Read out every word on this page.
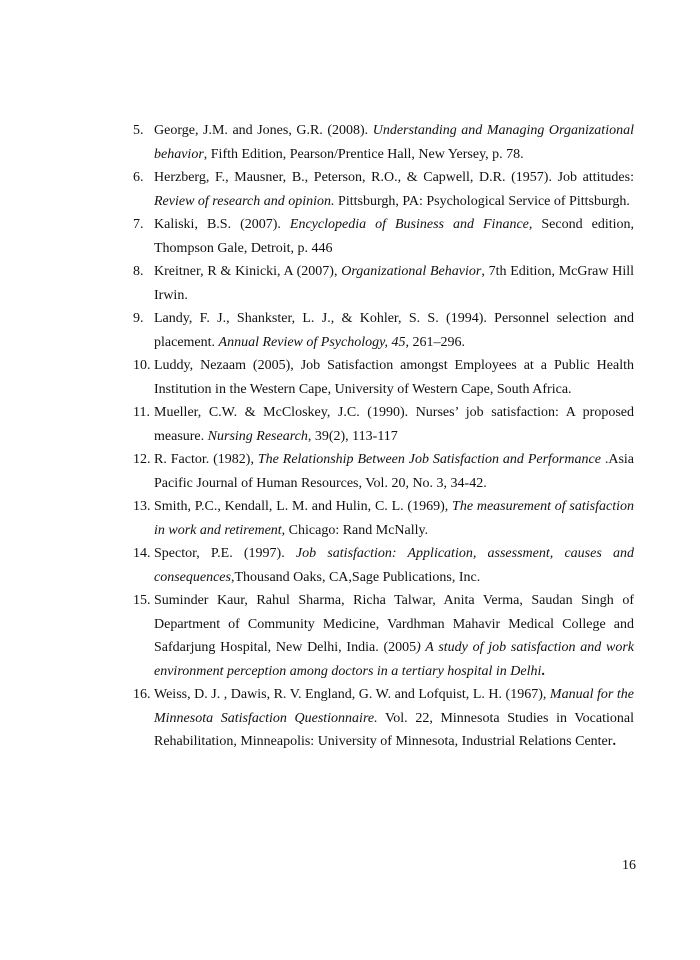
5. George, J.M. and Jones, G.R. (2008). Understanding and Managing Organizational behavior, Fifth Edition, Pearson/Prentice Hall, New Yersey, p. 78.
6. Herzberg, F., Mausner, B., Peterson, R.O., & Capwell, D.R. (1957). Job attitudes: Review of research and opinion. Pittsburgh, PA: Psychological Service of Pittsburgh.
7. Kaliski, B.S. (2007). Encyclopedia of Business and Finance, Second edition, Thompson Gale, Detroit, p. 446
8. Kreitner, R & Kinicki, A (2007), Organizational Behavior, 7th Edition, McGraw Hill Irwin.
9. Landy, F. J., Shankster, L. J., & Kohler, S. S. (1994). Personnel selection and placement. Annual Review of Psychology, 45, 261–296.
10. Luddy, Nezaam (2005), Job Satisfaction amongst Employees at a Public Health Institution in the Western Cape, University of Western Cape, South Africa.
11. Mueller, C.W. & McCloskey, J.C. (1990). Nurses’ job satisfaction: A proposed measure. Nursing Research, 39(2), 113-117
12. R. Factor. (1982), The Relationship Between Job Satisfaction and Performance .Asia Pacific Journal of Human Resources, Vol. 20, No. 3, 34-42.
13. Smith, P.C., Kendall, L. M. and Hulin, C. L. (1969), The measurement of satisfaction in work and retirement, Chicago: Rand McNally.
14. Spector, P.E. (1997). Job satisfaction: Application, assessment, causes and consequences,Thousand Oaks, CA,Sage Publications, Inc.
15. Suminder Kaur, Rahul Sharma, Richa Talwar, Anita Verma, Saudan Singh of Department of Community Medicine, Vardhman Mahavir Medical College and Safdarjung Hospital, New Delhi, India. (2005) A study of job satisfaction and work environment perception among doctors in a tertiary hospital in Delhi.
16. Weiss, D. J. , Dawis, R. V. England, G. W. and Lofquist, L. H. (1967), Manual for the Minnesota Satisfaction Questionnaire. Vol. 22, Minnesota Studies in Vocational Rehabilitation, Minneapolis: University of Minnesota, Industrial Relations Center.
16
